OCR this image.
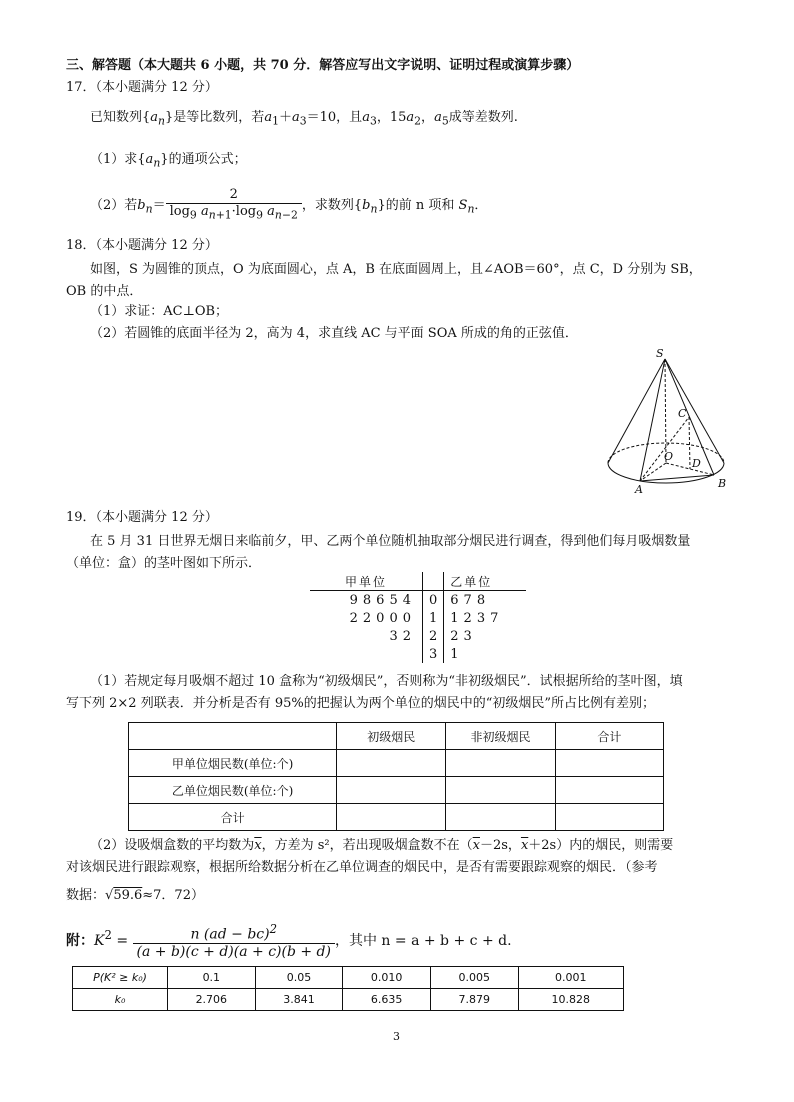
三、解答题（本大题共 6 小题，共 70 分．解答应写出文字说明、证明过程或演算步骤）
17．（本小题满分 12 分）
已知数列$\{a_n\}$是等比数列，若$a_1+a_3=10$，且$a_3$，$15a_2$，$a_5$成等差数列.
（1）求$\{a_n\}$的通项公式；
（2）若$b_n= \frac{2}{\log_9 a_{n+1}\cdot\log_9 a_{n-2}}$ ，求数列$\{b_n\}$的前 n 项和 $S_n$．
18．（本小题满分 12 分）
如图，S 为圆锥的顶点，O 为底面圆心，点 A，B 在底面圆周上，且∠AOB＝60°，点 C，D 分别为 SB，
OB 的中点．
（1）求证：AC⊥OB；
（2）若圆锥的底面半径为 2，高为 4，求直线 AC 与平面 SOA 所成的角的正弦值．
S
C
O
D
A	B
19．（本小题满分 12 分）
在 5 月 31 日世界无烟日来临前夕，甲、乙两个单位随机抽取部分烟民进行调查，得到他们每月吸烟数量
（单位：盒）的茎叶图如下所示．
甲单位		乙单位
98654	0	678
22000	1	1237
32	2	23
	3	1
（1）若规定每月吸烟不超过 10 盒称为“初级烟民”，否则称为“非初级烟民”．试根据所给的茎叶图，填
写下列 2×2 列联表．并分析是否有 95%的把握认为两个单位的烟民中的“初级烟民”所占比例有差别；
	初级烟民	非初级烟民	合计
甲单位烟民数(单位:个)			
乙单位烟民数(单位:个)			
合计			
（2）设吸烟盒数的平均数为$\overline{x}$，方差为 s²，若出现吸烟盒数不在（$\overline{x}-2s$，$\overline{x}+2s$）内的烟民，则需要
对该烟民进行跟踪观察，根据所给数据分析在乙单位调查的烟民中，是否有需要跟踪观察的烟民．（参考
数据：√59.6≈7．72）
附：$K^2 = \frac{n (ad - bc)^2}{(a + b)(c + d)(a + c)(b + d)}$ ，其中 n = a + b + c + d.
P(K² ≥ k₀)	0.1	0.05	0.010	0.005	0.001
k₀	2.706	3.841	6.635	7.879	10.828
3
